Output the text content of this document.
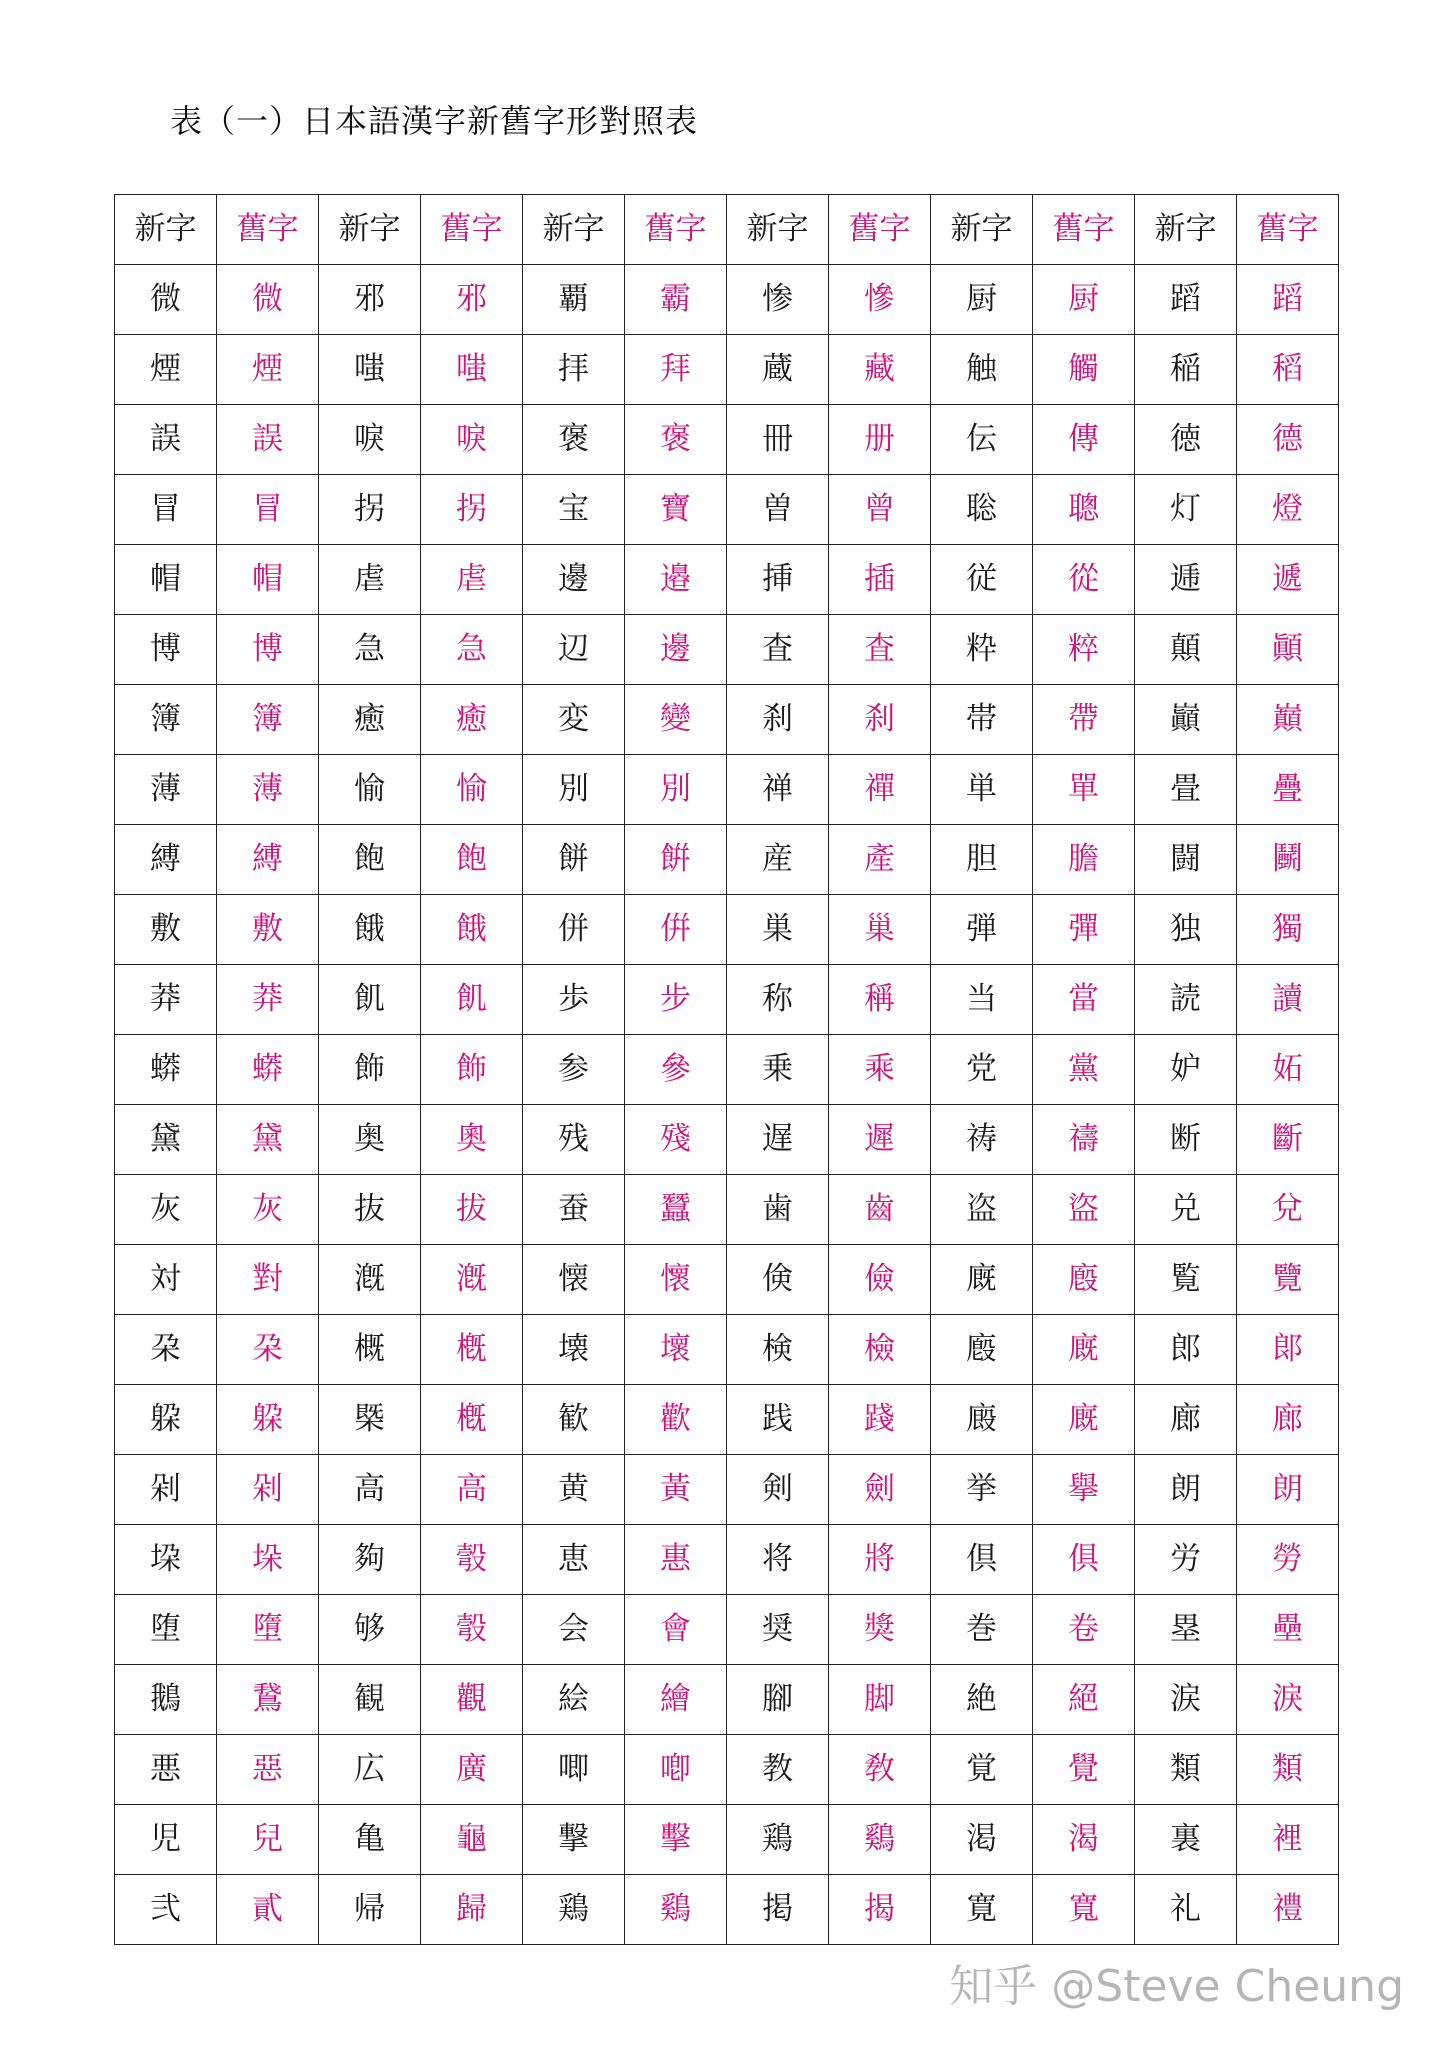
表（一）日本語漢字新舊字形對照表
新字	舊字	新字	舊字	新字	舊字	新字	舊字	新字	舊字	新字	舊字
微	微	邪	邪	覇	霸	惨	慘	厨	厨	蹈	蹈
煙	煙	嗤	嗤	拝	拜	蔵	藏	触	觸	稲	稻
誤	誤	唳	唳	褒	褒	冊	册	伝	傳	徳	德
冒	冒	拐	拐	宝	寶	曽	曾	聡	聰	灯	燈
帽	帽	虐	虐	邊	邉	挿	插	従	從	逓	遞
博	博	急	急	辺	邊	査	査	粋	粹	顛	顚
簿	簿	癒	癒	変	變	刹	刹	帯	帶	巓	巔
薄	薄	愉	愉	別	別	禅	禪	単	單	畳	疊
縛	縛	飽	飽	餅	餠	産	產	胆	膽	闘	鬭
敷	敷	餓	餓	併	倂	巣	巢	弾	彈	独	獨
莽	莽	飢	飢	歩	步	称	稱	当	當	読	讀
蟒	蟒	飾	飾	参	參	乗	乘	党	黨	妒	妬
黛	黛	奥	奧	残	殘	遅	遲	祷	禱	断	斷
灰	灰	抜	拔	蚕	蠶	歯	齒	盗	盜	兑	兌
対	對	漑	漑	懐	懷	倹	儉	廐	廏	覧	覽
朶	朶	概	槪	壊	壞	検	檢	廏	廐	郎	郞
躱	躱	槩	槪	歓	歡	践	踐	廄	廐	廊	廊
剁	剁	高	高	黄	黃	剣	劍	挙	擧	朗	朗
垜	垛	夠	彀	恵	惠	将	將	倶	俱	労	勞
堕	墮	够	彀	会	會	奨	獎	巻	卷	塁	壘
鵝	鵞	観	觀	絵	繪	腳	脚	絶	絕	涙	淚
悪	惡	広	廣	唧	喞	教	敎	覚	覺	類	類
児	兒	亀	龜	撃	擊	鶏	鷄	渇	渴	裏	裡
弐	貳	帰	歸	鶏	鷄	掲	揭	寛	寬	礼	禮
知乎 @Steve Cheung
